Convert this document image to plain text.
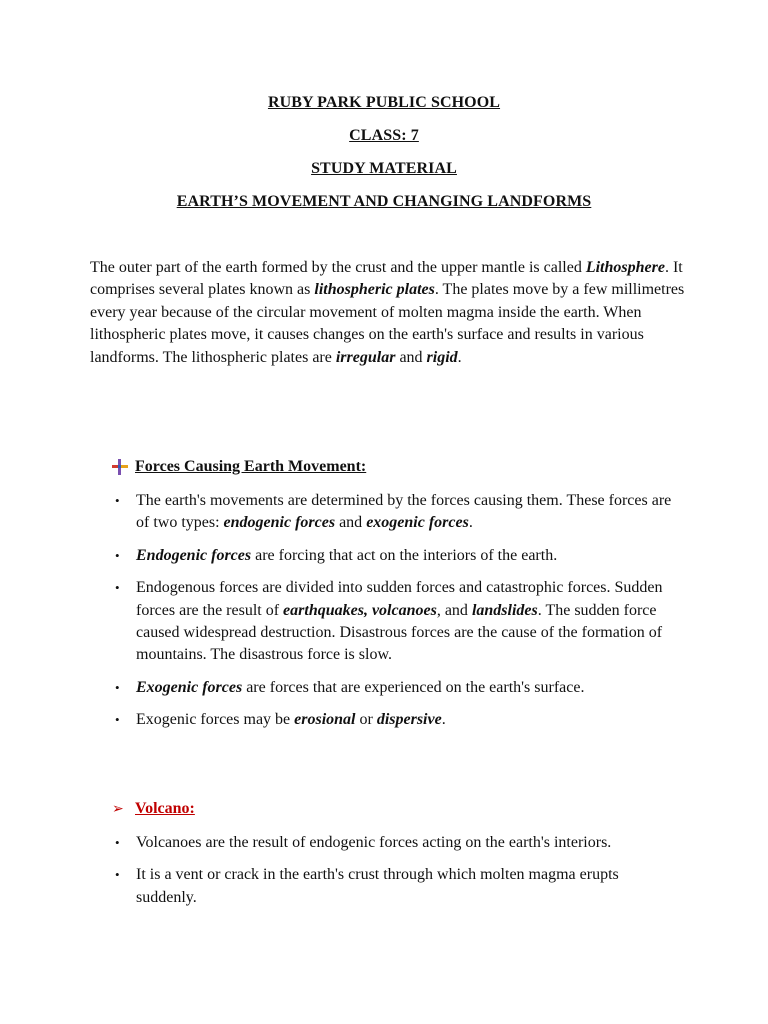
RUBY PARK PUBLIC SCHOOL
CLASS: 7
STUDY MATERIAL
EARTH’S MOVEMENT AND CHANGING LANDFORMS

The outer part of the earth formed by the crust and the upper mantle is called Lithosphere. It comprises several plates known as lithospheric plates. The plates move by a few millimetres every year because of the circular movement of molten magma inside the earth. When lithospheric plates move, it causes changes on the earth's surface and results in various landforms. The lithospheric plates are irregular and rigid.

Forces Causing Earth Movement:
• The earth's movements are determined by the forces causing them. These forces are of two types: endogenic forces and exogenic forces.
• Endogenic forces are forcing that act on the interiors of the earth.
• Endogenous forces are divided into sudden forces and catastrophic forces. Sudden forces are the result of earthquakes, volcanoes, and landslides. The sudden force caused widespread destruction. Disastrous forces are the cause of the formation of mountains. The disastrous force is slow.
• Exogenic forces are forces that are experienced on the earth's surface.
• Exogenic forces may be erosional or dispersive.
➢ Volcano:
• Volcanoes are the result of endogenic forces acting on the earth's interiors.
• It is a vent or crack in the earth's crust through which molten magma erupts suddenly.
